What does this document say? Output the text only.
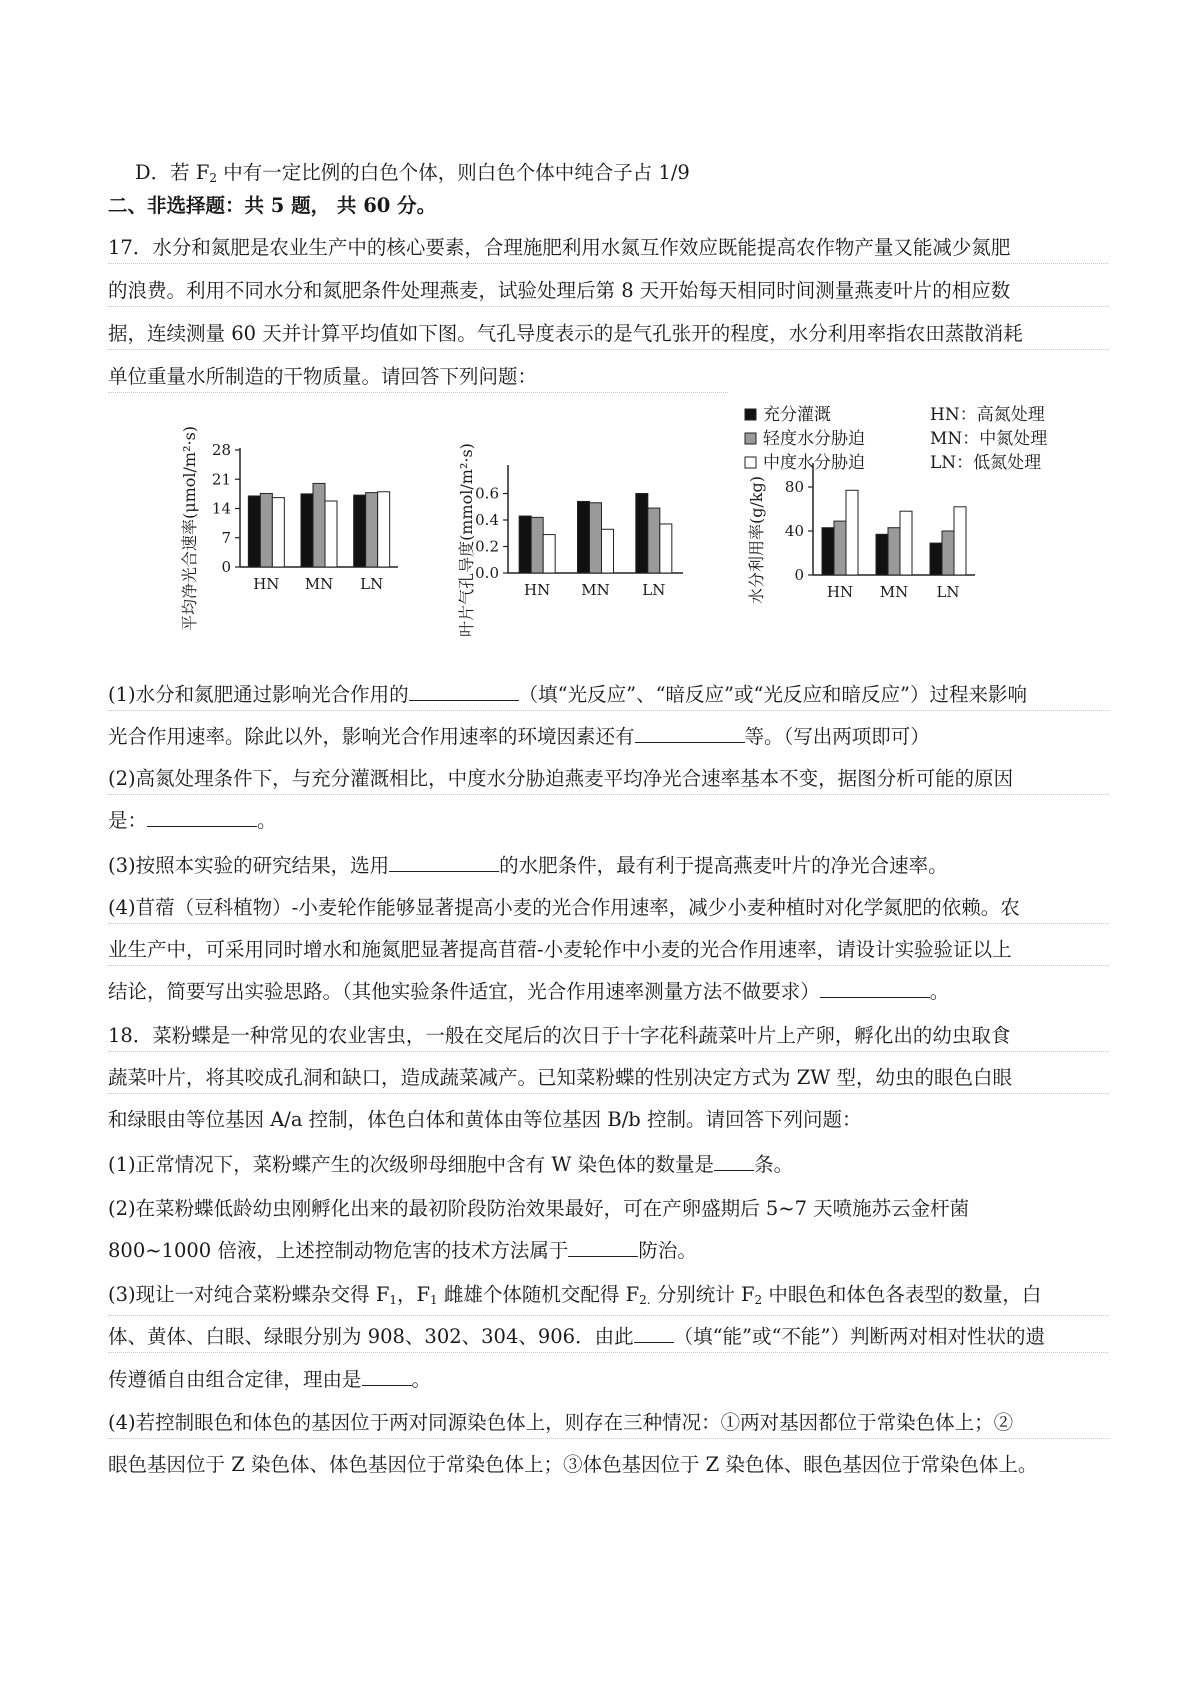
D．若 $F_2$ 中有一定比例的白色个体，则白色个体中纯合子占 1/9
二、非选择题：共 5 题， 共 60 分。
17．水分和氮肥是农业生产中的核心要素，合理施肥利用水氮互作效应既能提高农作物产量又能减少氮肥
的浪费。利用不同水分和氮肥条件处理燕麦，试验处理后第 8 天开始每天相同时间测量燕麦叶片的相应数
据，连续测量 60 天并计算平均值如下图。气孔导度表示的是气孔张开的程度，水分利用率指农田蒸散消耗
单位重量水所制造的干物质量。请回答下列问题：
充分灌溉
轻度水分胁迫
中度水分胁迫
HN：高氮处理
MN：中氮处理
LN：低氮处理
0
7
14
21
28
HN MN LN
平均净光合速率(μmol/m²·s)	0.0
0.2
0.4
0.6
HN MN LN
叶片气孔导度(mmol/m²·s)	0
40
80
HN MN LN
水分利用率(g/kg)
(1)水分和氮肥通过影响光合作用的	（填“光反应”、“暗反应”或“光反应和暗反应”）过程来影响
光合作用速率。除此以外，影响光合作用速率的环境因素还有	等。（写出两项即可）
(2)高氮处理条件下，与充分灌溉相比，中度水分胁迫燕麦平均净光合速率基本不变，据图分析可能的原因
是：	。
(3)按照本实验的研究结果，选用	的水肥条件，最有利于提高燕麦叶片的净光合速率。
(4)苜蓿（豆科植物）-小麦轮作能够显著提高小麦的光合作用速率，减少小麦种植时对化学氮肥的依赖。农
业生产中，可采用同时增水和施氮肥显著提高苜蓿-小麦轮作中小麦的光合作用速率，请设计实验验证以上
结论，简要写出实验思路。（其他实验条件适宜，光合作用速率测量方法不做要求）	。
18．菜粉蝶是一种常见的农业害虫，一般在交尾后的次日于十字花科蔬菜叶片上产卵，孵化出的幼虫取食
蔬菜叶片，将其咬成孔洞和缺口，造成蔬菜减产。已知菜粉蝶的性别决定方式为 ZW 型，幼虫的眼色白眼
和绿眼由等位基因 A/a 控制，体色白体和黄体由等位基因 B/b 控制。请回答下列问题：
(1)正常情况下，菜粉蝶产生的次级卵母细胞中含有 W 染色体的数量是 条。
(2)在菜粉蝶低龄幼虫刚孵化出来的最初阶段防治效果最好，可在产卵盛期后 5~7 天喷施苏云金杆菌
800~1000 倍液，上述控制动物危害的技术方法属于	防治。
(3)现让一对纯合菜粉蝶杂交得 $F_1$，$F_1$ 雌雄个体随机交配得 $F_{2.}$ 分别统计 $F_2$ 中眼色和体色各表型的数量，白
体、黄体、白眼、绿眼分别为 908、302、304、906．由此 （填“能”或“不能”）判断两对相对性状的遗
传遵循自由组合定律，理由是	。
(4)若控制眼色和体色的基因位于两对同源染色体上，则存在三种情况：①两对基因都位于常染色体上；②
眼色基因位于 Z 染色体、体色基因位于常染色体上；③体色基因位于 Z 染色体、眼色基因位于常染色体上。
